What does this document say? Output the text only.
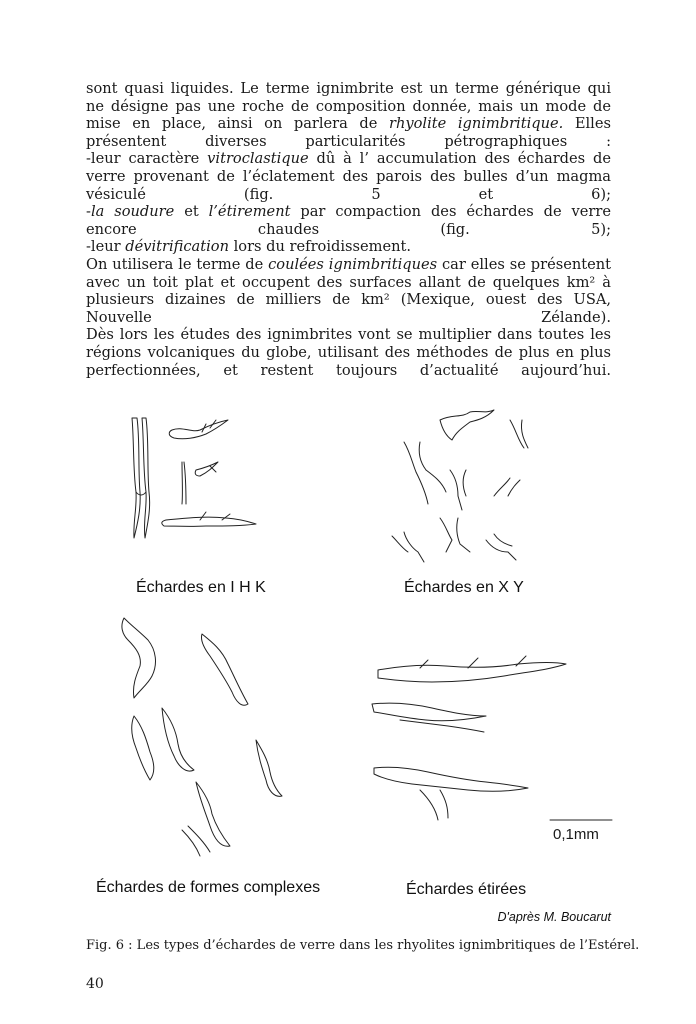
sont quasi liquides. Le terme ignimbrite est un terme générique qui ne désigne pas une roche de composition donnée, mais un mode de mise en place, ainsi on parlera de rhyolite ignimbritique. Elles présentent diverses particularités pétrographiques :

-leur caractère vitroclastique dû à l’ accumulation des échardes de verre provenant de l’éclatement des parois des bulles d’un magma vésiculé (fig. 5 et 6);

-la soudure et l’étirement par compaction des échardes de verre encore chaudes (fig. 5);

-leur dévitrification lors du refroidissement.

On utilisera le terme de coulées ignimbritiques car elles se présentent avec un toit plat et occupent des surfaces allant de quelques km² à plusieurs dizaines de milliers de km² (Mexique, ouest des USA, Nouvelle Zélande).

Dès lors les études des ignimbrites vont se multiplier dans toutes les régions volcaniques du globe, utilisant des méthodes de plus en plus perfectionnées, et restent toujours d’actualité aujourd’hui.

Échardes en I H K	Échardes en X Y
Échardes de formes complexes	Échardes étirées
0,1mm
D'après M. Boucarut
Fig. 6 : Les types d’échardes de verre dans les rhyolites ignimbritiques de l’Estérel.
40
